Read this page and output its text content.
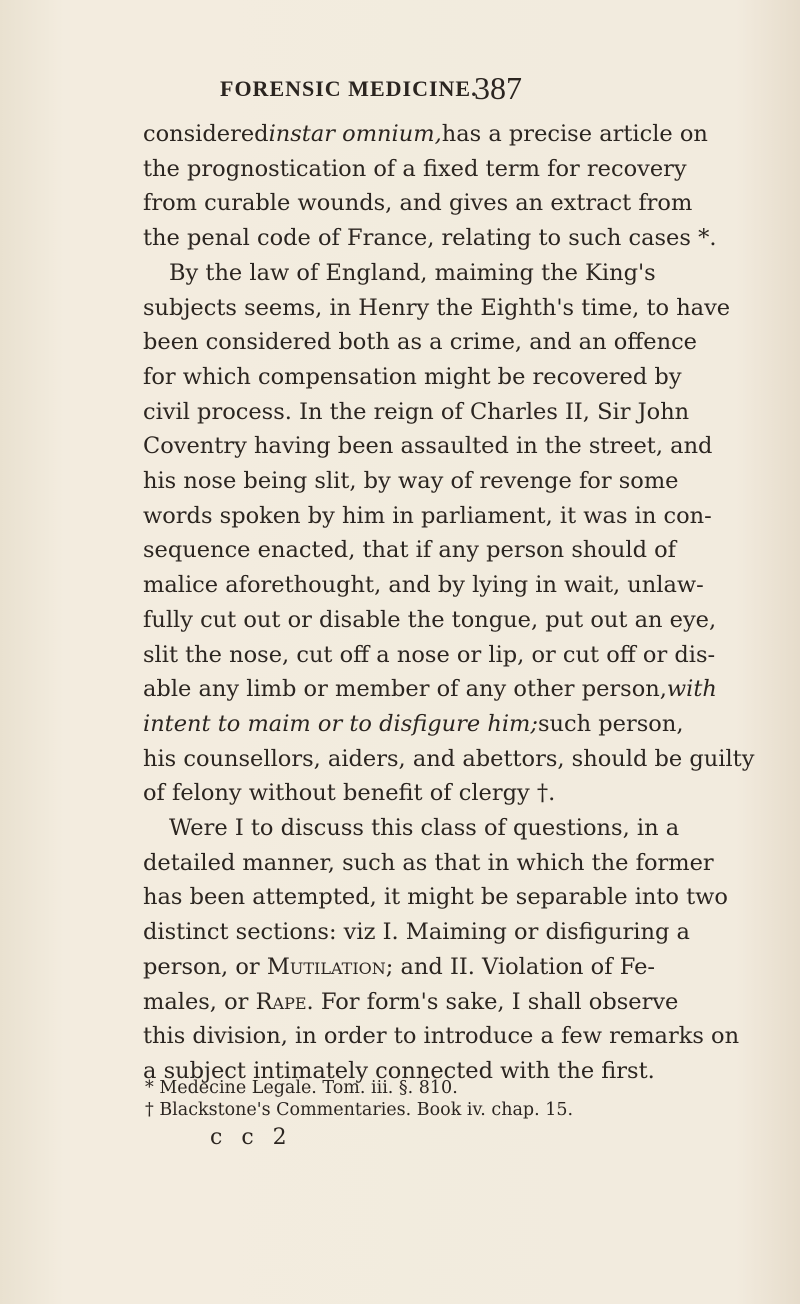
FORENSIC MEDICINE.
387
considered instar omnium, has a precise article on
the prognostication of a fixed term for recovery
from curable wounds, and gives an extract from
the penal code of France, relating to such cases *.
By the law of England, maiming the King's
subjects seems, in Henry the Eighth's time, to have
been considered both as a crime, and an offence
for which compensation might be recovered by
civil process. In the reign of Charles II, Sir John
Coventry having been assaulted in the street, and
his nose being slit, by way of revenge for some
words spoken by him in parliament, it was in con-
sequence enacted, that if any person should of
malice aforethought, and by lying in wait, unlaw-
fully cut out or disable the tongue, put out an eye,
slit the nose, cut off a nose or lip, or cut off or dis-
able any limb or member of any other person, with
intent to maim or to disfigure him; such person,
his counsellors, aiders, and abettors, should be guilty
of felony without benefit of clergy †.
Were I to discuss this class of questions, in a
detailed manner, such as that in which the former
has been attempted, it might be separable into two
distinct sections: viz I. Maiming or disfiguring a
person, or Mutilation; and II. Violation of Fe-
males, or Rape. For form's sake, I shall observe
this division, in order to introduce a few remarks on
a subject intimately connected with the first.
* Medecine Legale. Tom. iii. §. 810.
† Blackstone's Commentaries. Book iv. chap. 15.
c c 2
